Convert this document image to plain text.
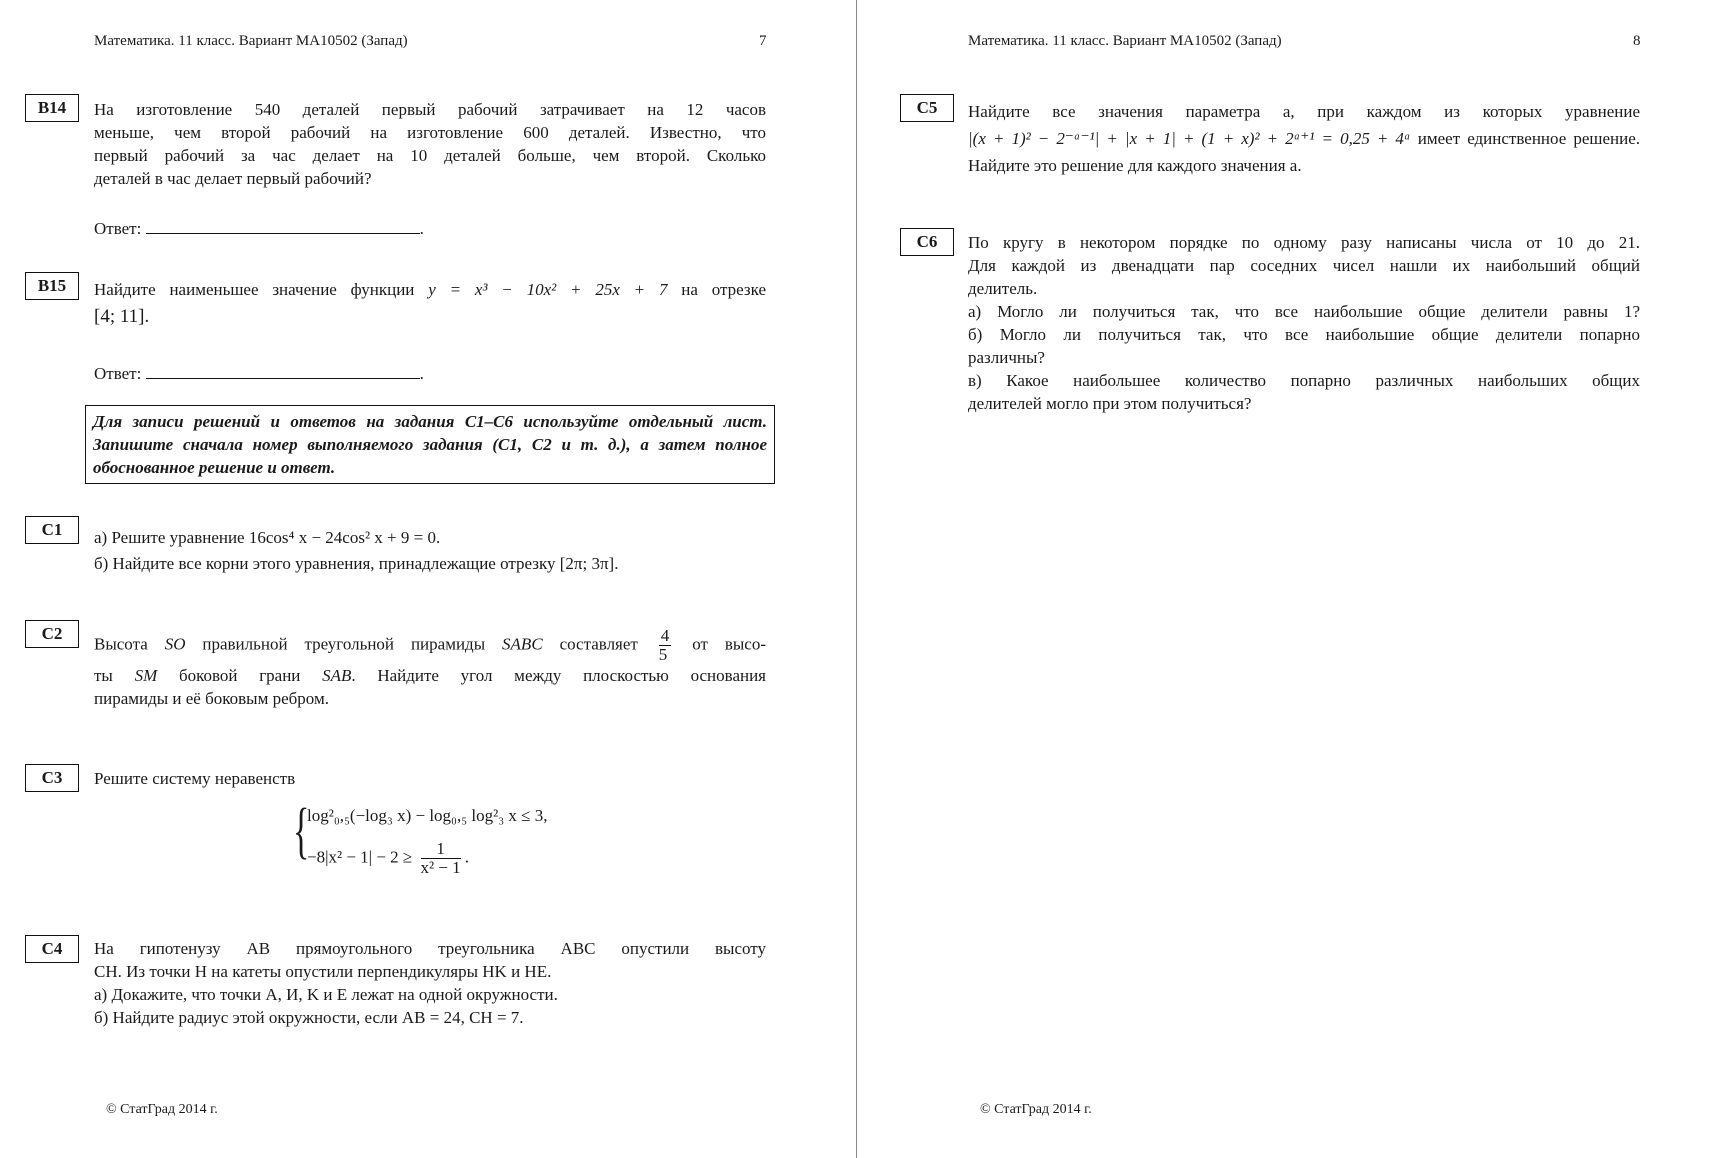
Математика. 11 класс. Вариант МА10502 (Запад)	7
B14	На изготовление 540 деталей первый рабочий затрачивает на 12 часов
меньше, чем второй рабочий на изготовление 600 деталей. Известно, что
первый рабочий за час делает на 10 деталей больше, чем второй. Сколько
деталей в час делает первый рабочий?
Ответ:	.
B15	Найдите наименьшее значение функции y = x³ − 10x² + 25x + 7 на отрезке
[4; 11].
Ответ:	.
Для записи решений и ответов на задания С1–С6 используйте отдельный лист. Запишите сначала номер выполняемого задания (С1, С2 и т. д.), а затем полное обоснованное решение и ответ.
C1	а) Решите уравнение 16cos⁴ x − 24cos² x + 9 = 0.
б) Найдите все корни этого уравнения, принадлежащие отрезку [2π; 3π].
C2
Высота SO правильной треугольной пирамиды SABC составляет $\frac{4}{5}$ от высо-
ты SM боковой грани SAB. Найдите угол между плоскостью основания
пирамиды и её боковым ребром.
C3	Решите систему неравенств
{
log²₀,₅(−log₃ x) − log₀,₅ log²₃ x ≤ 3,
$-8|x^2 - 1| - 2 \ge \frac{1}{\text{x² − 1}}$ .
C4	На гипотенузу AB прямоугольного треугольника ABC опустили высоту
CH. Из точки H на катеты опустили перпендикуляры HK и HE.
а) Докажите, что точки A, И, K и E лежат на одной окружности.
б) Найдите радиус этой окружности, если AB = 24, CH = 7.
© СтатГрад 2014 г.
Математика. 11 класс. Вариант МА10502 (Запад)	8
C5	Найдите все значения параметра a, при каждом из которых уравнение
|(x + 1)² − 2⁻ᵃ⁻¹| + |x + 1| + (1 + x)² + 2ᵃ⁺¹ = 0,25 + 4ᵃ имеет единственное решение.
Найдите это решение для каждого значения a.
C6	По кругу в некотором порядке по одному разу написаны числа от 10 до 21.
Для каждой из двенадцати пар соседних чисел нашли их наибольший общий
делитель.
а) Могло ли получиться так, что все наибольшие общие делители равны 1?
б) Могло ли получиться так, что все наибольшие общие делители попарно
различны?
в) Какое наибольшее количество попарно различных наибольших общих
делителей могло при этом получиться?
© СтатГрад 2014 г.
